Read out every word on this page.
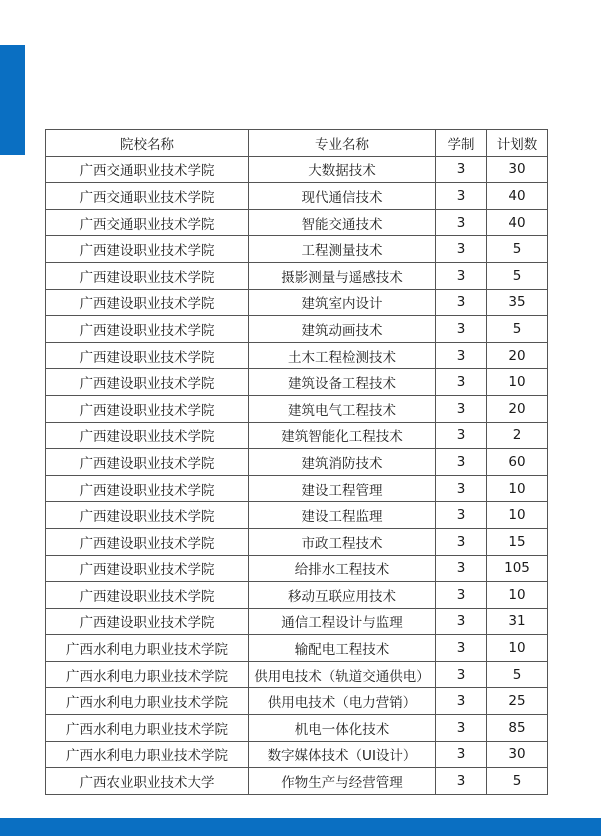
院校名称	专业名称	学制	计划数
广西交通职业技术学院	大数据技术	3	30
广西交通职业技术学院	现代通信技术	3	40
广西交通职业技术学院	智能交通技术	3	40
广西建设职业技术学院	工程测量技术	3	5
广西建设职业技术学院	摄影测量与遥感技术	3	5
广西建设职业技术学院	建筑室内设计	3	35
广西建设职业技术学院	建筑动画技术	3	5
广西建设职业技术学院	土木工程检测技术	3	20
广西建设职业技术学院	建筑设备工程技术	3	10
广西建设职业技术学院	建筑电气工程技术	3	20
广西建设职业技术学院	建筑智能化工程技术	3	2
广西建设职业技术学院	建筑消防技术	3	60
广西建设职业技术学院	建设工程管理	3	10
广西建设职业技术学院	建设工程监理	3	10
广西建设职业技术学院	市政工程技术	3	15
广西建设职业技术学院	给排水工程技术	3	105
广西建设职业技术学院	移动互联应用技术	3	10
广西建设职业技术学院	通信工程设计与监理	3	31
广西水利电力职业技术学院	输配电工程技术	3	10
广西水利电力职业技术学院	供用电技术（轨道交通供电）	3	5
广西水利电力职业技术学院	供用电技术（电力营销）	3	25
广西水利电力职业技术学院	机电一体化技术	3	85
广西水利电力职业技术学院	数字媒体技术（UI设计）	3	30
广西农业职业技术大学	作物生产与经营管理	3	5
